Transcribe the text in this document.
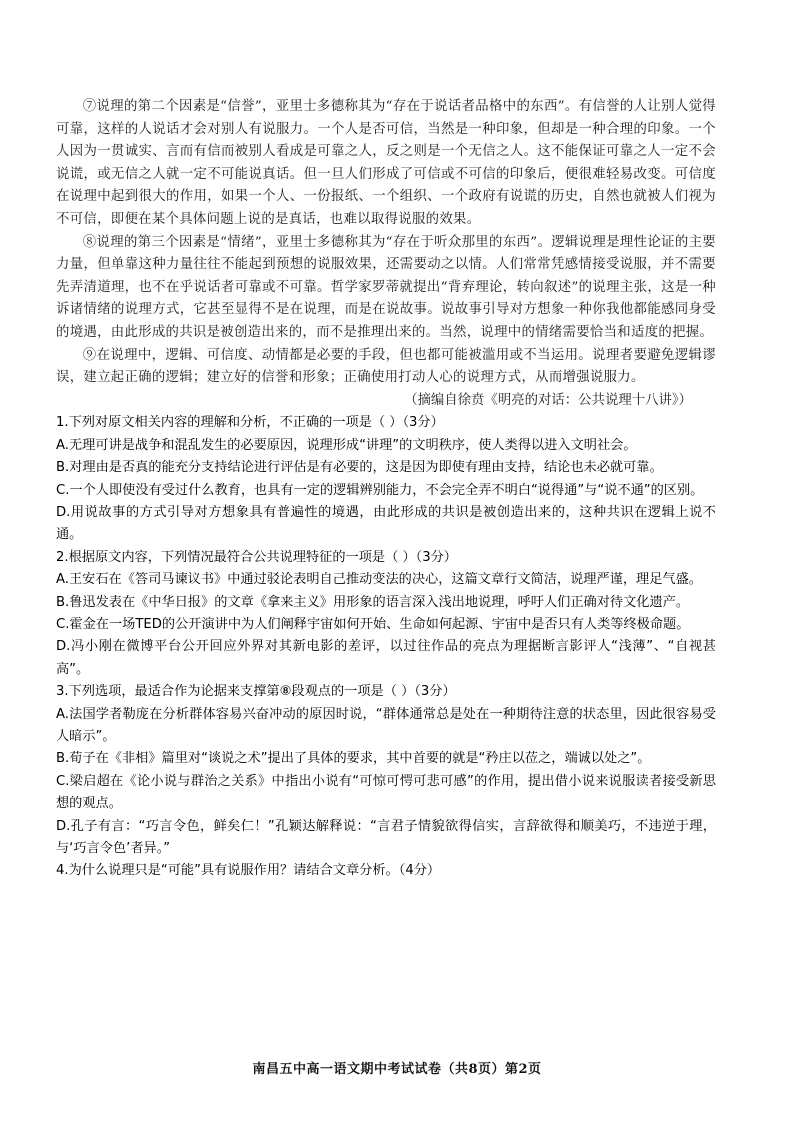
⑦说理的第二个因素是“信誉”，亚里士多德称其为“存在于说话者品格中的东西”。有信誉的人让别人觉得可靠，这样的人说话才会对别人有说服力。一个人是否可信，当然是一种印象，但却是一种合理的印象。一个人因为一贯诚实、言而有信而被别人看成是可靠之人，反之则是一个无信之人。这不能保证可靠之人一定不会说谎，或无信之人就一定不可能说真话。但一旦人们形成了可信或不可信的印象后，便很难轻易改变。可信度在说理中起到很大的作用，如果一个人、一份报纸、一个组织、一个政府有说谎的历史，自然也就被人们视为不可信，即便在某个具体问题上说的是真话，也难以取得说服的效果。

⑧说理的第三个因素是“情绪”，亚里士多德称其为“存在于听众那里的东西”。逻辑说理是理性论证的主要力量，但单靠这种力量往往不能起到预想的说服效果，还需要动之以情。人们常常凭感情接受说服，并不需要先弄清道理，也不在乎说话者可靠或不可靠。哲学家罗蒂就提出“背弃理论，转向叙述”的说理主张，这是一种诉诸情绪的说理方式，它甚至显得不是在说理，而是在说故事。说故事引导对方想象一种你我他都能感同身受的境遇，由此形成的共识是被创造出来的，而不是推理出来的。当然，说理中的情绪需要恰当和适度的把握。

⑨在说理中，逻辑、可信度、动情都是必要的手段，但也都可能被滥用或不当运用。说理者要避免逻辑谬误，建立起正确的逻辑；建立好的信誉和形象；正确使用打动人心的说理方式，从而增强说服力。

（摘编自徐贲《明亮的对话：公共说理十八讲》）

1.下列对原文相关内容的理解和分析，不正确的一项是（ ）（3分）

A.无理可讲是战争和混乱发生的必要原因，说理形成“讲理”的文明秩序，使人类得以进入文明社会。

B.对理由是否真的能充分支持结论进行评估是有必要的，这是因为即使有理由支持，结论也未必就可靠。

C.一个人即使没有受过什么教育，也具有一定的逻辑辨别能力，不会完全弄不明白“说得通”与“说不通”的区别。

D.用说故事的方式引导对方想象具有普遍性的境遇，由此形成的共识是被创造出来的，这种共识在逻辑上说不通。

2.根据原文内容，下列情况最符合公共说理特征的一项是（ ）（3分）

A.王安石在《答司马谏议书》中通过驳论表明自己推动变法的决心，这篇文章行文简洁，说理严谨，理足气盛。

B.鲁迅发表在《中华日报》的文章《拿来主义》用形象的语言深入浅出地说理，呼吁人们正确对待文化遗产。

C.霍金在一场TED的公开演讲中为人们阐释宇宙如何开始、生命如何起源、宇宙中是否只有人类等终极命题。

D.冯小刚在微博平台公开回应外界对其新电影的差评，以过往作品的亮点为理据断言影评人“浅薄”、“自视甚高”。

3.下列选项，最适合作为论据来支撑第⑧段观点的一项是（ ）（3分）

A.法国学者勒庞在分析群体容易兴奋冲动的原因时说，“群体通常总是处在一种期待注意的状态里，因此很容易受人暗示”。

B.荀子在《非相》篇里对“谈说之术”提出了具体的要求，其中首要的就是“矜庄以莅之，端诚以处之”。

C.梁启超在《论小说与群治之关系》中指出小说有“可惊可愕可悲可感”的作用，提出借小说来说服读者接受新思想的观点。

D.孔子有言：“巧言令色，鲜矣仁！”孔颖达解释说：“言君子情貌欲得信实，言辞欲得和顺美巧，不违逆于理，与‘巧言令色’者异。”

4.为什么说理只是“可能”具有说服作用？请结合文章分析。（4分）

南昌五中高一语文期中考试试卷（共8页）第2页
